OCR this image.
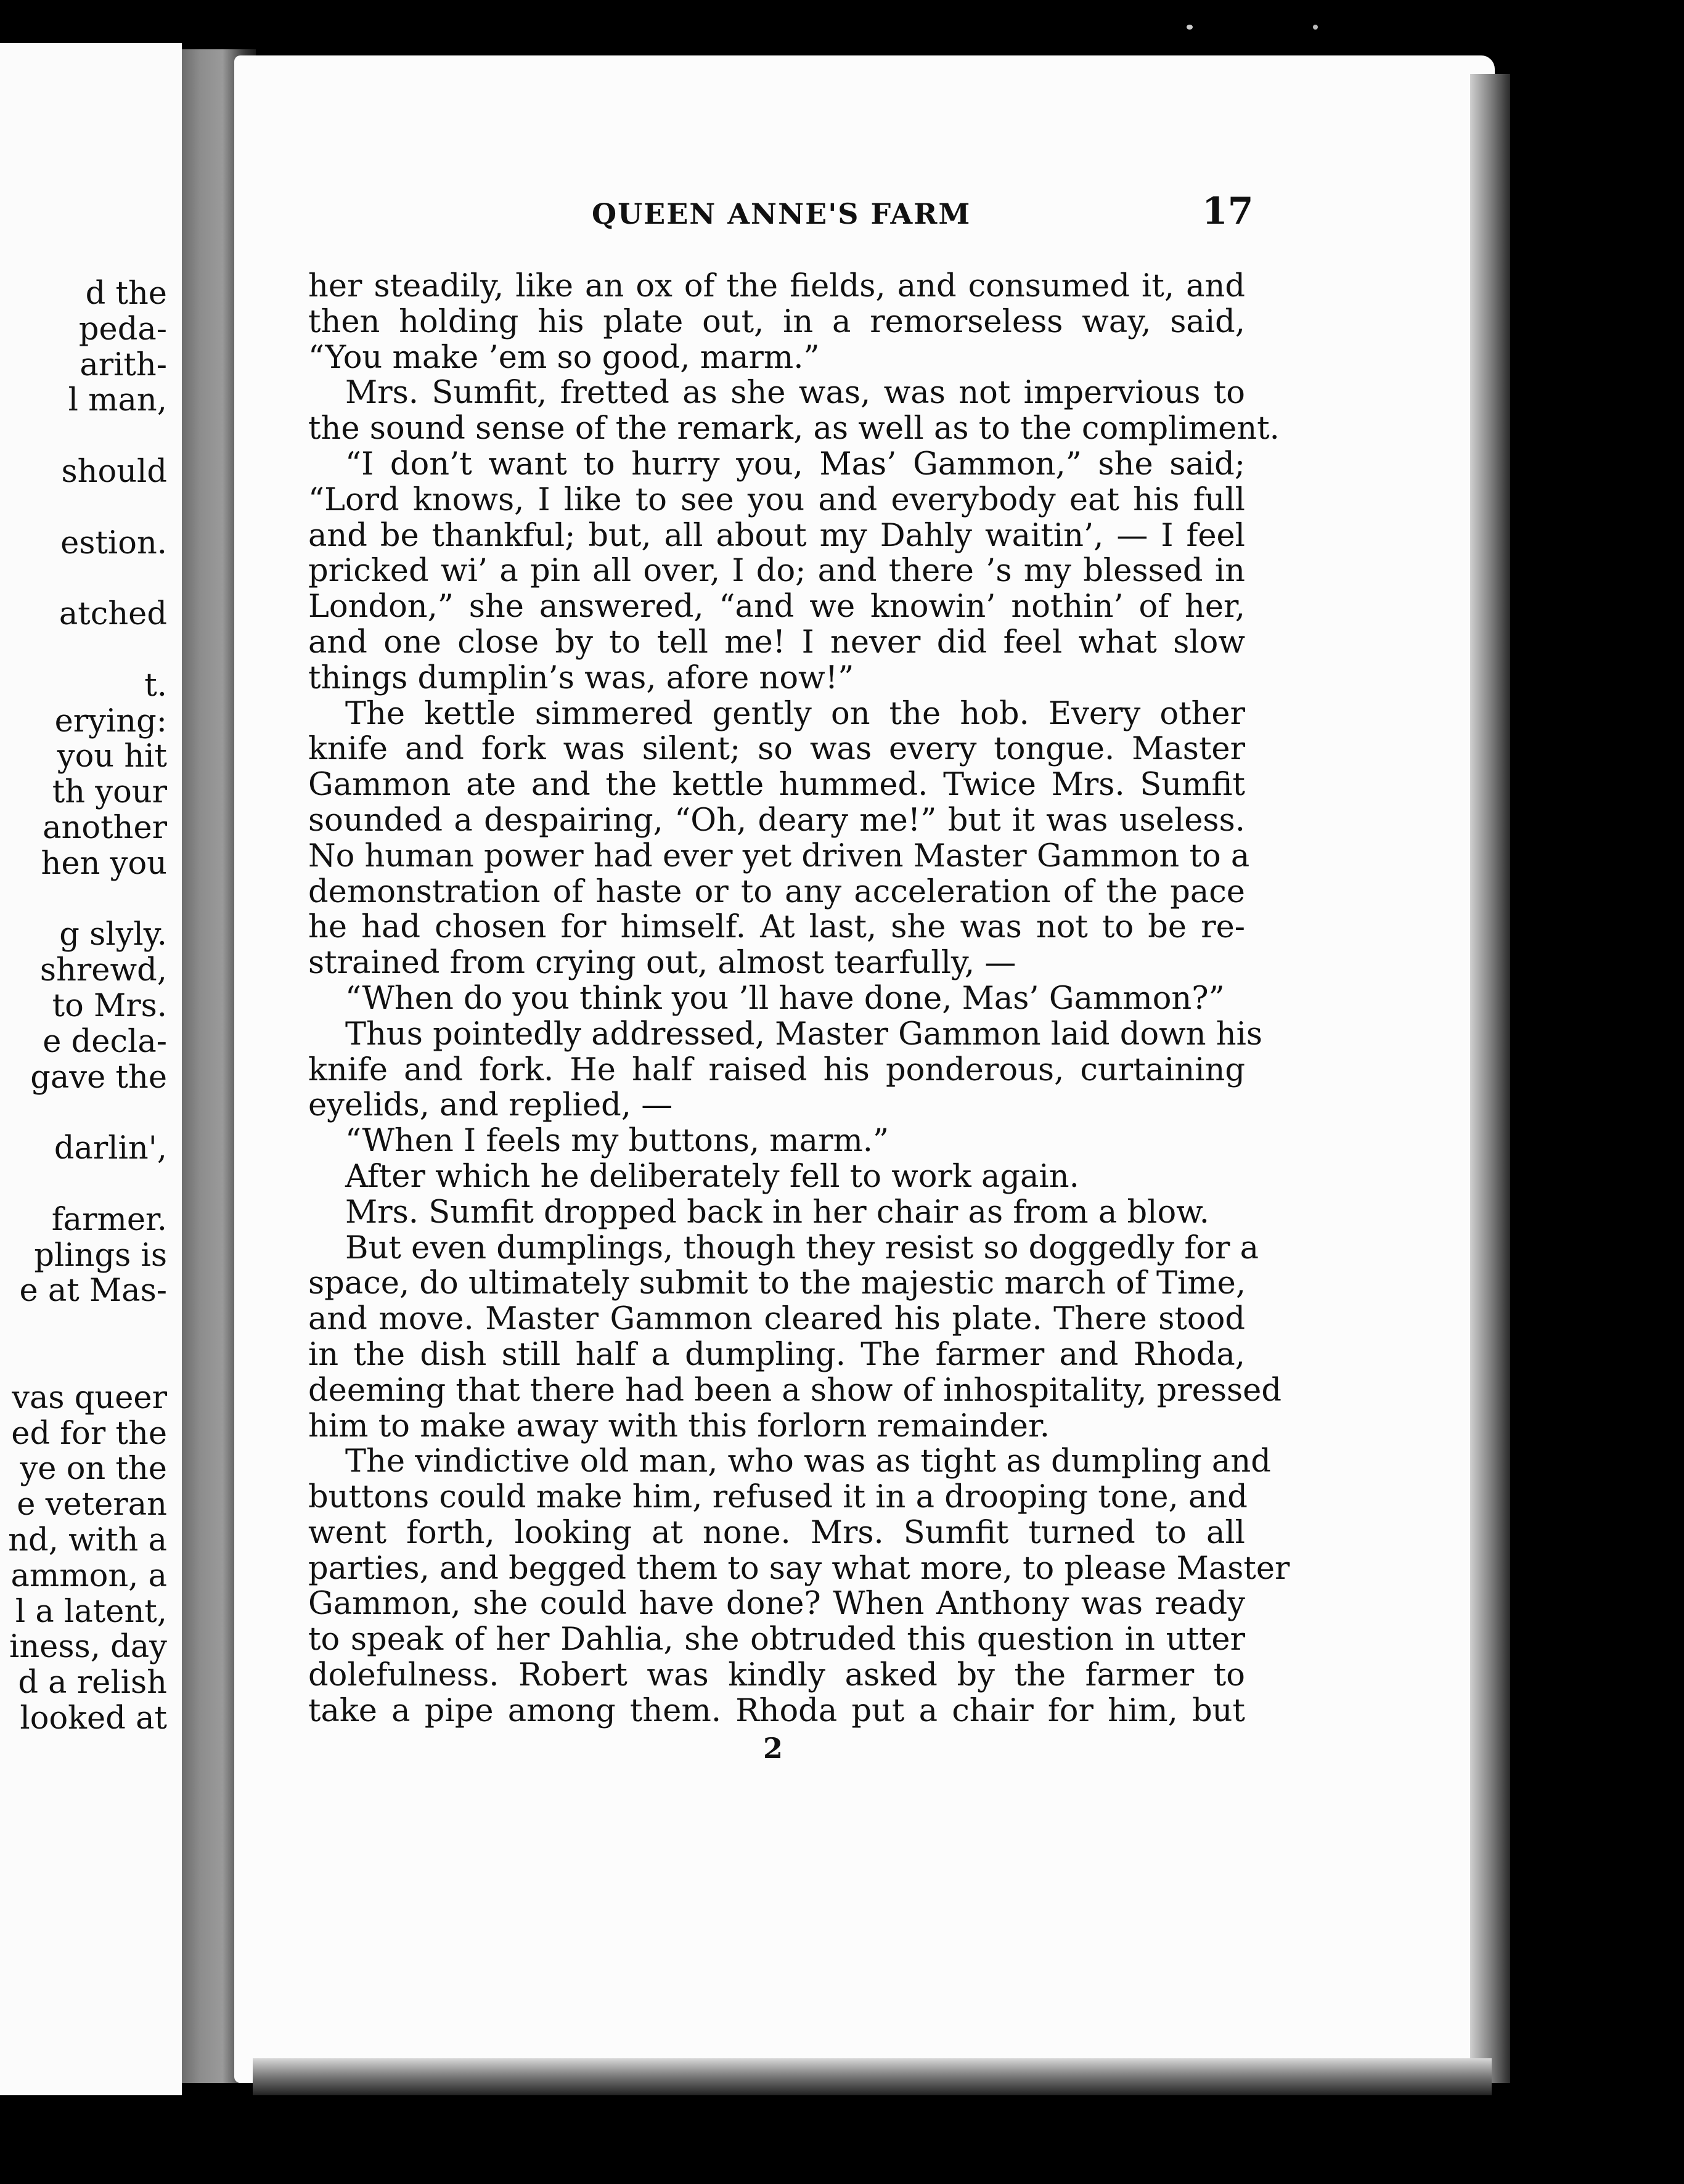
d the
peda-
arith-
l man,
should
estion.
atched
t.
erying:
you hit
th your
another
hen you
g slyly.
shrewd,
to Mrs.
e decla-
gave the
darlin',
farmer.
plings is
e at Mas-
vas queer
ed for the
ye on the
e veteran
nd, with a
ammon, a
l a latent,
iness, day
d a relish
looked at
QUEEN ANNE'S FARM	17
her steadily, like an ox of the fields, and consumed it, and
then holding his plate out, in a remorseless way, said,
“You make ’em so good, marm.”
Mrs. Sumfit, fretted as she was, was not impervious to
the sound sense of the remark, as well as to the compliment.
“I don’t want to hurry you, Mas’ Gammon,” she said;
“Lord knows, I like to see you and everybody eat his full
and be thankful; but, all about my Dahly waitin’, — I feel
pricked wi’ a pin all over, I do; and there ’s my blessed in
London,” she answered, “and we knowin’ nothin’ of her,
and one close by to tell me! I never did feel what slow
things dumplin’s was, afore now!”
The kettle simmered gently on the hob. Every other
knife and fork was silent; so was every tongue. Master
Gammon ate and the kettle hummed. Twice Mrs. Sumfit
sounded a despairing, “Oh, deary me!” but it was useless.
No human power had ever yet driven Master Gammon to a
demonstration of haste or to any acceleration of the pace
he had chosen for himself. At last, she was not to be re-
strained from crying out, almost tearfully, —
“When do you think you ’ll have done, Mas’ Gammon?”
Thus pointedly addressed, Master Gammon laid down his
knife and fork. He half raised his ponderous, curtaining
eyelids, and replied, —
“When I feels my buttons, marm.”
After which he deliberately fell to work again.
Mrs. Sumfit dropped back in her chair as from a blow.
But even dumplings, though they resist so doggedly for a
space, do ultimately submit to the majestic march of Time,
and move. Master Gammon cleared his plate. There stood
in the dish still half a dumpling. The farmer and Rhoda,
deeming that there had been a show of inhospitality, pressed
him to make away with this forlorn remainder.
The vindictive old man, who was as tight as dumpling and
buttons could make him, refused it in a drooping tone, and
went forth, looking at none. Mrs. Sumfit turned to all
parties, and begged them to say what more, to please Master
Gammon, she could have done? When Anthony was ready
to speak of her Dahlia, she obtruded this question in utter
dolefulness. Robert was kindly asked by the farmer to
take a pipe among them. Rhoda put a chair for him, but
2
